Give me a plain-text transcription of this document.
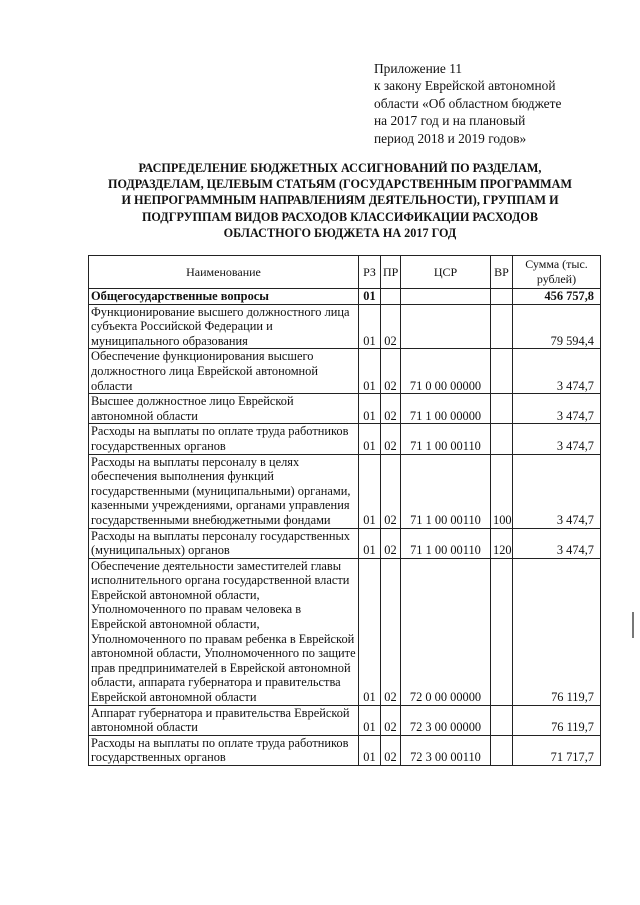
Приложение 11
к закону Еврейской автономной
области «Об областном бюджете
на 2017 год и на плановый
период 2018 и 2019 годов»
РАСПРЕДЕЛЕНИЕ БЮДЖЕТНЫХ АССИГНОВАНИЙ ПО РАЗДЕЛАМ,
ПОДРАЗДЕЛАМ, ЦЕЛЕВЫМ СТАТЬЯМ (ГОСУДАРСТВЕННЫМ ПРОГРАММАМ
И НЕПРОГРАММНЫМ НАПРАВЛЕНИЯМ ДЕЯТЕЛЬНОСТИ), ГРУППАМ И
ПОДГРУППАМ ВИДОВ РАСХОДОВ КЛАССИФИКАЦИИ РАСХОДОВ
ОБЛАСТНОГО БЮДЖЕТА НА 2017 ГОД
Наименование	РЗ	ПР	ЦСР	ВР	Сумма (тыс. рублей)
Общегосударственные вопросы	01				456 757,8
Функционирование высшего должностного лица субъекта Российской Федерации и муниципального образования	01	02			79 594,4
Обеспечение функционирования высшего должностного лица Еврейской автономной области	01	02	71 0 00 00000		3 474,7
Высшее должностное лицо Еврейской автономной области	01	02	71 1 00 00000		3 474,7
Расходы на выплаты по оплате труда работников государственных органов	01	02	71 1 00 00110		3 474,7
Расходы на выплаты персоналу в целях обеспечения выполнения функций государственными (муниципальными) органами, казенными учреждениями, органами управления государственными внебюджетными фондами	01	02	71 1 00 00110	100	3 474,7
Расходы на выплаты персоналу государственных (муниципальных) органов	01	02	71 1 00 00110	120	3 474,7
Обеспечение деятельности заместителей главы исполнительного органа государственной власти Еврейской автономной области, Уполномоченного по правам человека в Еврейской автономной области, Уполномоченного по правам ребенка в Еврейской автономной области, Уполномоченного по защите прав предпринимателей в Еврейской автономной области, аппарата губернатора и правительства Еврейской автономной области	01	02	72 0 00 00000		76 119,7
Аппарат губернатора и правительства Еврейской автономной области	01	02	72 3 00 00000		76 119,7
Расходы на выплаты по оплате труда работников государственных органов	01	02	72 3 00 00110		71 717,7
